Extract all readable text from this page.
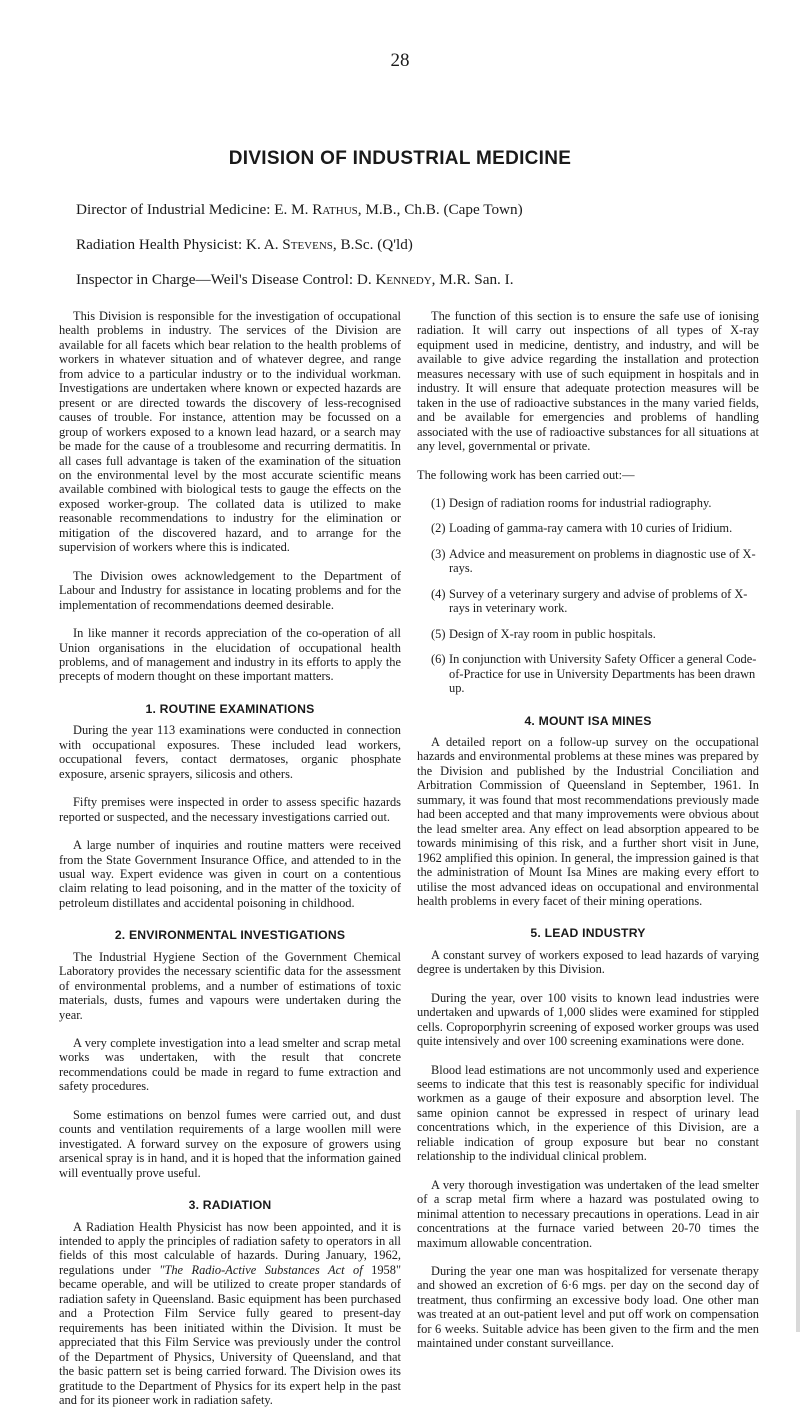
28
DIVISION OF INDUSTRIAL MEDICINE
Director of Industrial Medicine: E. M. Rathus, M.B., Ch.B. (Cape Town)
Radiation Health Physicist: K. A. Stevens, B.Sc. (Q'ld)
Inspector in Charge—Weil's Disease Control: D. Kennedy, M.R. San. I.

This Division is responsible for the investigation of occupational health problems in industry. The services of the Division are available for all facets which bear relation to the health problems of workers in whatever situation and of whatever degree, and range from advice to a particular industry or to the individual workman. Investigations are undertaken where known or expected hazards are present or are directed towards the discovery of less-recognised causes of trouble. For instance, attention may be focussed on a group of workers exposed to a known lead hazard, or a search may be made for the cause of a troublesome and recurring dermatitis. In all cases full advantage is taken of the examination of the situation on the environmental level by the most accurate scientific means available combined with biological tests to gauge the effects on the exposed worker-group. The collated data is utilized to make reasonable recommendations to industry for the elimination or mitigation of the discovered hazard, and to arrange for the supervision of workers where this is indicated.

The Division owes acknowledgement to the Department of Labour and Industry for assistance in locating problems and for the implementation of recommendations deemed desirable.

In like manner it records appreciation of the co-operation of all Union organisations in the elucidation of occupational health problems, and of management and industry in its efforts to apply the precepts of modern thought on these important matters.

1. ROUTINE EXAMINATIONS

During the year 113 examinations were conducted in connection with occupational exposures. These included lead workers, occupational fevers, contact dermatoses, organic phosphate exposure, arsenic sprayers, silicosis and others.

Fifty premises were inspected in order to assess specific hazards reported or suspected, and the necessary investigations carried out.

A large number of inquiries and routine matters were received from the State Government Insurance Office, and attended to in the usual way. Expert evidence was given in court on a contentious claim relating to lead poisoning, and in the matter of the toxicity of petroleum distillates and accidental poisoning in childhood.

2. ENVIRONMENTAL INVESTIGATIONS

The Industrial Hygiene Section of the Government Chemical Laboratory provides the necessary scientific data for the assessment of environmental problems, and a number of estimations of toxic materials, dusts, fumes and vapours were undertaken during the year.

A very complete investigation into a lead smelter and scrap metal works was undertaken, with the result that concrete recommendations could be made in regard to fume extraction and safety procedures.

Some estimations on benzol fumes were carried out, and dust counts and ventilation requirements of a large woollen mill were investigated. A forward survey on the exposure of growers using arsenical spray is in hand, and it is hoped that the information gained will eventually prove useful.

3. RADIATION

A Radiation Health Physicist has now been appointed, and it is intended to apply the principles of radiation safety to operators in all fields of this most calculable of hazards. During January, 1962, regulations under "The Radio-Active Substances Act of 1958" became operable, and will be utilized to create proper standards of radiation safety in Queensland. Basic equipment has been purchased and a Protection Film Service fully geared to present-day requirements has been initiated within the Division. It must be appreciated that this Film Service was previously under the control of the Department of Physics, University of Queensland, and that the basic pattern set is being carried forward. The Division owes its gratitude to the Department of Physics for its expert help in the past and for its pioneer work in radiation safety.

The function of this section is to ensure the safe use of ionising radiation. It will carry out inspections of all types of X-ray equipment used in medicine, dentistry, and industry, and will be available to give advice regarding the installation and protection measures necessary with use of such equipment in hospitals and in industry. It will ensure that adequate protection measures will be taken in the use of radioactive substances in the many varied fields, and be available for emergencies and problems of handling associated with the use of radioactive substances for all situations at any level, governmental or private.

The following work has been carried out:—

(1) Design of radiation rooms for industrial radiography.
(2) Loading of gamma-ray camera with 10 curies of Iridium.
(3) Advice and measurement on problems in diagnostic use of X-rays.
(4) Survey of a veterinary surgery and advise of problems of X-rays in veterinary work.
(5) Design of X-ray room in public hospitals.
(6) In conjunction with University Safety Officer a general Code-of-Practice for use in University Departments has been drawn up.
4. MOUNT ISA MINES

A detailed report on a follow-up survey on the occupational hazards and environmental problems at these mines was prepared by the Division and published by the Industrial Conciliation and Arbitration Commission of Queensland in September, 1961. In summary, it was found that most recommendations previously made had been accepted and that many improvements were obvious about the lead smelter area. Any effect on lead absorption appeared to be towards minimising of this risk, and a further short visit in June, 1962 amplified this opinion. In general, the impression gained is that the administration of Mount Isa Mines are making every effort to utilise the most advanced ideas on occupational and environmental health problems in every facet of their mining operations.

5. LEAD INDUSTRY

A constant survey of workers exposed to lead hazards of varying degree is undertaken by this Division.

During the year, over 100 visits to known lead industries were undertaken and upwards of 1,000 slides were examined for stippled cells. Coproporphyrin screening of exposed worker groups was used quite intensively and over 100 screening examinations were done.

Blood lead estimations are not uncommonly used and experience seems to indicate that this test is reasonably specific for individual workmen as a gauge of their exposure and absorption level. The same opinion cannot be expressed in respect of urinary lead concentrations which, in the experience of this Division, are a reliable indication of group exposure but bear no constant relationship to the individual clinical problem.

A very thorough investigation was undertaken of the lead smelter of a scrap metal firm where a hazard was postulated owing to minimal attention to necessary precautions in operations. Lead in air concentrations at the furnace varied between 20-70 times the maximum allowable concentration.

During the year one man was hospitalized for versenate therapy and showed an excretion of 6·6 mgs. per day on the second day of treatment, thus confirming an excessive body load. One other man was treated at an out-patient level and put off work on compensation for 6 weeks. Suitable advice has been given to the firm and the men maintained under constant surveillance.
